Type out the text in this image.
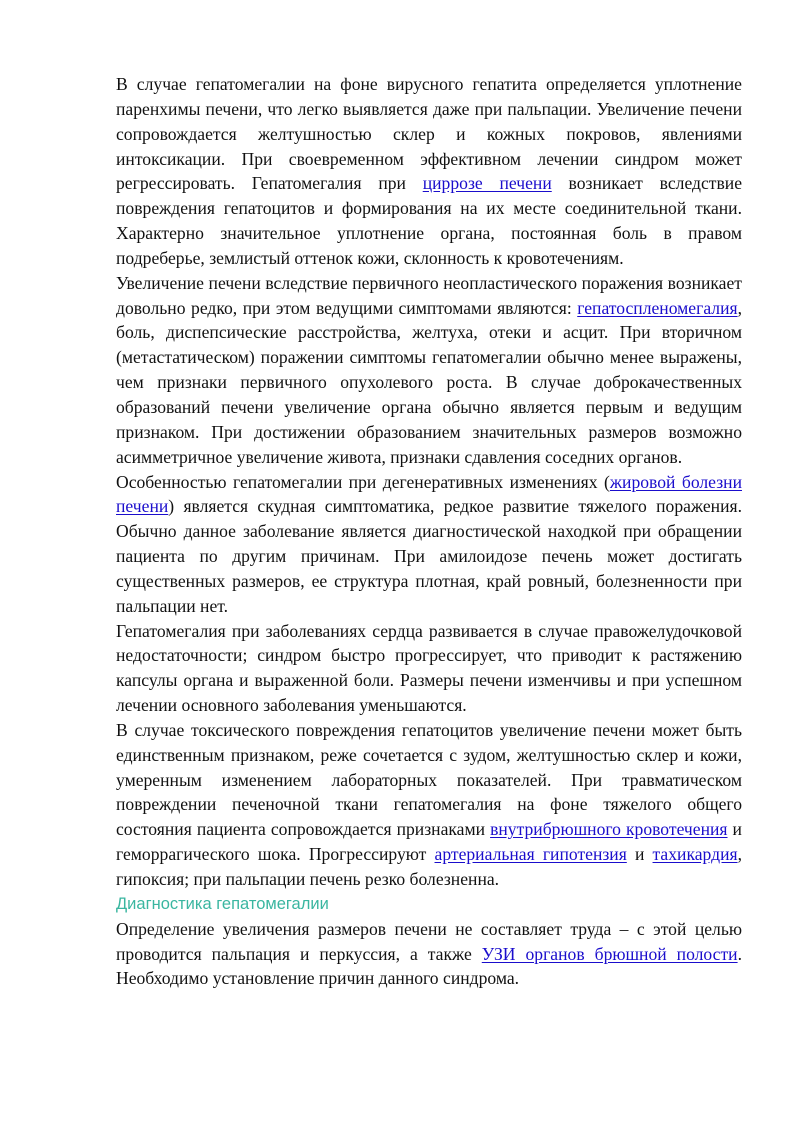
В случае гепатомегалии на фоне вирусного гепатита определяется уплотнение паренхимы печени, что легко выявляется даже при пальпации. Увеличение печени сопровождается желтушностью склер и кожных покровов, явлениями интоксикации. При своевременном эффективном лечении синдром может регрессировать. Гепатомегалия при циррозе печени возникает вследствие повреждения гепатоцитов и формирования на их месте соединительной ткани. Характерно значительное уплотнение органа, постоянная боль в правом подреберье, землистый оттенок кожи, склонность к кровотечениям.

Увеличение печени вследствие первичного неопластического поражения возникает довольно редко, при этом ведущими симптомами являются: гепатоспленомегалия, боль, диспепсические расстройства, желтуха, отеки и асцит. При вторичном (метастатическом) поражении симптомы гепатомегалии обычно менее выражены, чем признаки первичного опухолевого роста. В случае доброкачественных образований печени увеличение органа обычно является первым и ведущим признаком. При достижении образованием значительных размеров возможно асимметричное увеличение живота, признаки сдавления соседних органов.

Особенностью гепатомегалии при дегенеративных изменениях (жировой болезни печени) является скудная симптоматика, редкое развитие тяжелого поражения. Обычно данное заболевание является диагностической находкой при обращении пациента по другим причинам. При амилоидозе печень может достигать существенных размеров, ее структура плотная, край ровный, болезненности при пальпации нет.

Гепатомегалия при заболеваниях сердца развивается в случае правожелудочковой недостаточности; синдром быстро прогрессирует, что приводит к растяжению капсулы органа и выраженной боли. Размеры печени изменчивы и при успешном лечении основного заболевания уменьшаются.

В случае токсического повреждения гепатоцитов увеличение печени может быть единственным признаком, реже сочетается с зудом, желтушностью склер и кожи, умеренным изменением лабораторных показателей. При травматическом повреждении печеночной ткани гепатомегалия на фоне тяжелого общего состояния пациента сопровождается признаками внутрибрюшного кровотечения и геморрагического шока. Прогрессируют артериальная гипотензия и тахикардия, гипоксия; при пальпации печень резко болезненна.

Диагностика гепатомегалии

Определение увеличения размеров печени не составляет труда – с этой целью проводится пальпация и перкуссия, а также УЗИ органов брюшной полости. Необходимо установление причин данного синдрома.
